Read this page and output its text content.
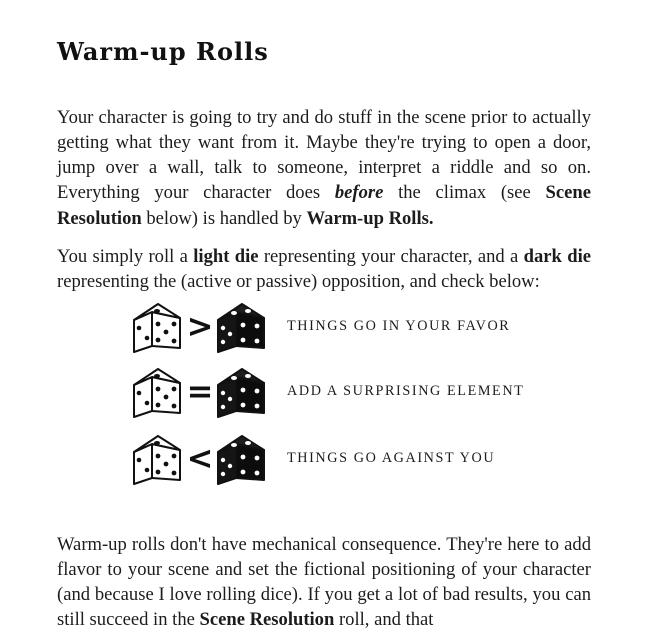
Warm-up Rolls

Your character is going to try and do stuff in the scene prior to actually getting what they want from it. Maybe they're trying to open a door, jump over a wall, talk to someone, interpret a riddle and so on. Everything your character does before the climax (see Scene Resolution below) is handled by Warm-up Rolls.

You simply roll a light die representing your character, and a dark die representing the (active or passive) opposition, and check below:

Warm-up rolls don't have mechanical consequence. They're here to add flavor to your scene and set the fictional positioning of your character (and because I love rolling dice). If you get a lot of bad results, you can still succeed in the Scene Resolution roll, and that

>	THINGS GO IN YOUR FAVOR
=	ADD A SURPRISING ELEMENT
<	THINGS GO AGAINST YOU
